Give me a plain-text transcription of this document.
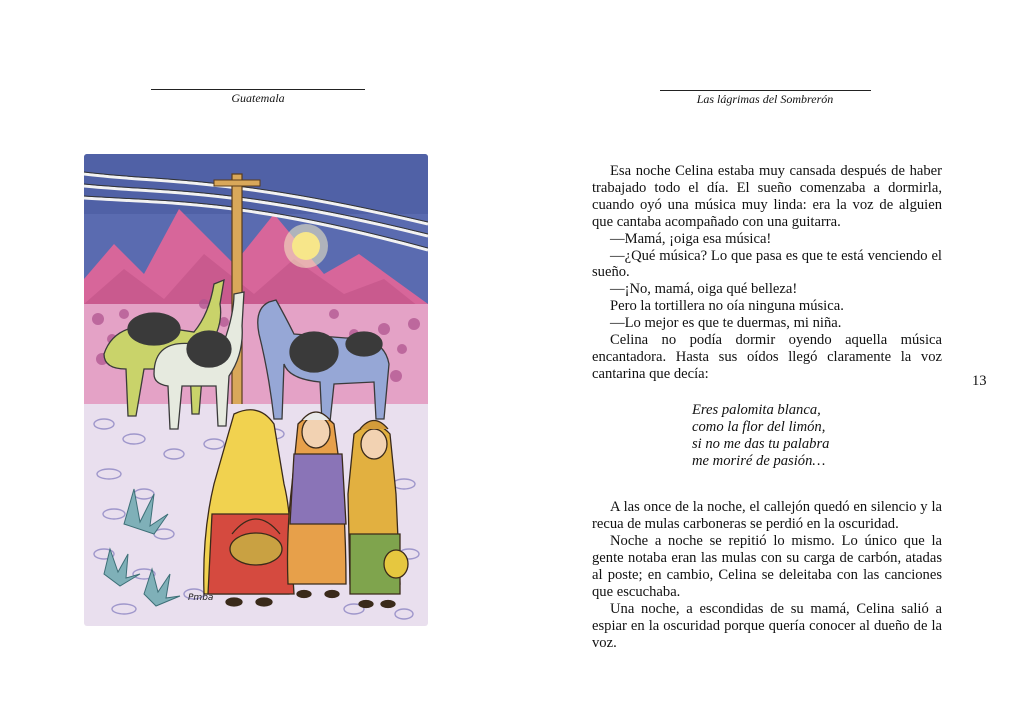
Guatemala
Pmba
Las lágrimas del Sombrerón

Esa noche Celina estaba muy cansada después de haber trabajado todo el día. El sueño comenzaba a dormirla, cuando oyó una música muy linda: era la voz de alguien que cantaba acompañado con una guitarra.

—Mamá, ¡oiga esa música!

—¿Qué música? Lo que pasa es que te está venciendo el sueño.

—¡No, mamá, oiga qué belleza!

Pero la tortillera no oía ninguna música.

—Lo mejor es que te duermas, mi niña.

Celina no podía dormir oyendo aquella música encantadora. Hasta sus oídos llegó claramente la voz cantarina que decía:

Eres palomita blanca,
como la flor del limón,
si no me das tu palabra
me moriré de pasión…

A las once de la noche, el callejón quedó en silencio y la recua de mulas carboneras se perdió en la oscuridad.

Noche a noche se repitió lo mismo. Lo único que la gente notaba eran las mulas con su carga de carbón, atadas al poste; en cambio, Celina se deleitaba con las canciones que escuchaba.

Una noche, a escondidas de su mamá, Celina salió a espiar en la oscuridad porque quería conocer al dueño de la voz.

13
